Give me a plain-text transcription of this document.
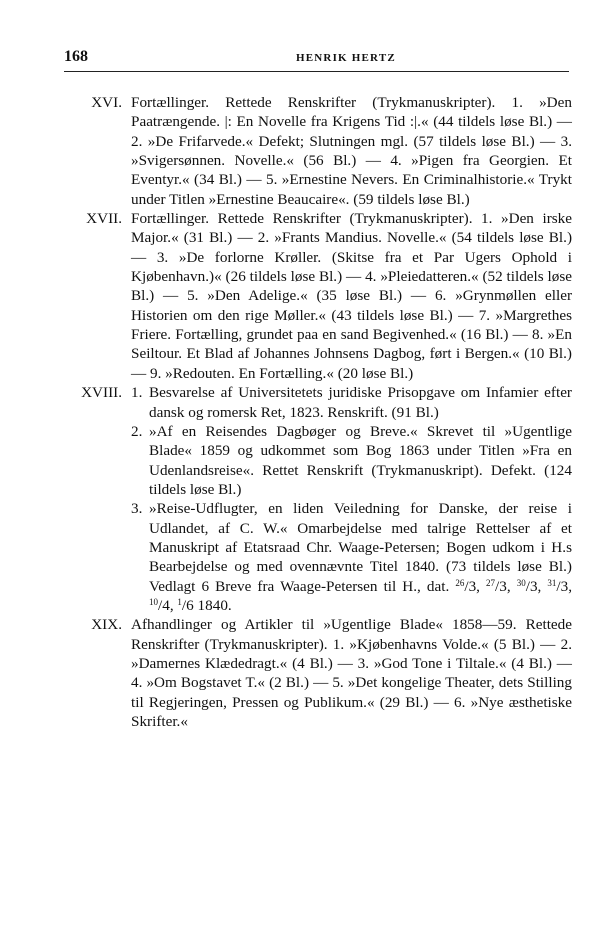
168	HENRIK HERTZ
XVI. Fortællinger. Rettede Renskrifter (Trykmanuskripter). 1. »Den Paatrængende. |: En Novelle fra Krigens Tid :|.« (44 tildels løse Bl.) — 2. »De Frifarvede.« Defekt; Slutningen mgl. (57 tildels løse Bl.) — 3. »Svigersønnen. Novelle.« (56 Bl.) — 4. »Pigen fra Georgien. Et Eventyr.« (34 Bl.) — 5. »Ernestine Nevers. En Criminalhistorie.« Trykt under Titlen »Ernestine Beaucaire«. (59 tildels løse Bl.)
XVII. Fortællinger. Rettede Renskrifter (Trykmanuskripter). 1. »Den irske Major.« (31 Bl.) — 2. »Frants Mandius. Novelle.« (54 tildels løse Bl.) — 3. »De forlorne Krøller. (Skitse fra et Par Ugers Ophold i Kjøbenhavn.)« (26 tildels løse Bl.) — 4. »Pleiedatteren.« (52 tildels løse Bl.) — 5. »Den Adelige.« (35 løse Bl.) — 6. »Grynmøllen eller Historien om den rige Møller.« (43 tildels løse Bl.) — 7. »Margrethes Friere. Fortælling, grundet paa en sand Begivenhed.« (16 Bl.) — 8. »En Seiltour. Et Blad af Johannes Johnsens Dagbog, ført i Bergen.« (10 Bl.) — 9. »Redouten. En Fortælling.« (20 løse Bl.)
XVIII. 1. Besvarelse af Universitetets juridiske Prisopgave om Infamier efter dansk og romersk Ret, 1823. Renskrift. (91 Bl.)
2. »Af en Reisendes Dagbøger og Breve.« Skrevet til »Ugentlige Blade« 1859 og udkommet som Bog 1863 under Titlen »Fra en Udenlandsreise«. Rettet Renskrift (Trykmanuskript). Defekt. (124 tildels løse Bl.)
3. »Reise-Udflugter, en liden Veiledning for Danske, der reise i Udlandet, af C. W.« Omarbejdelse med talrige Rettelser af et Manuskript af Etatsraad Chr. Waage-Petersen; Bogen udkom i H.s Bearbejdelse og med ovennævnte Titel 1840. (73 tildels løse Bl.) Vedlagt 6 Breve fra Waage-Petersen til H., dat. $^{26}$/3, $^{27}$/3, $^{30}$/3, $^{31}$/3, $^{10}$/4, $^1$/6 1840.
XIX. Afhandlinger og Artikler til »Ugentlige Blade« 1858—59. Rettede Renskrifter (Trykmanuskripter). 1. »Kjøbenhavns Volde.« (5 Bl.) — 2. »Damernes Klædedragt.« (4 Bl.) — 3. »God Tone i Tiltale.« (4 Bl.) — 4. »Om Bogstavet T.« (2 Bl.) — 5. »Det kongelige Theater, dets Stilling til Regjeringen, Pressen og Publikum.« (29 Bl.) — 6. »Nye æsthetiske Skrifter.«
